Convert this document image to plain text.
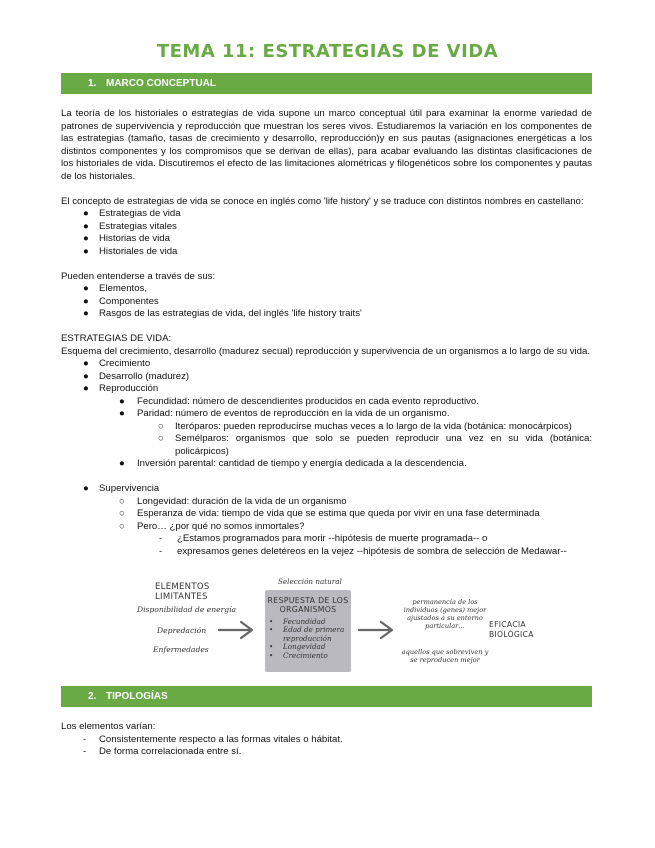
TEMA 11: ESTRATEGIAS DE VIDA
1. MARCO CONCEPTUAL

La teoría de los historiales o estrategias de vida supone un marco conceptual útil para examinar la enorme variedad de patrones de supervivencia y reproducción que muestran los seres vivos. Estudiaremos la variación en los componentes de las estrategias (tamaño, tasas de crecimiento y desarrollo, reproducción)y en sus pautas (asignaciones energéticas a los distintos componentes y los compromisos que se derivan de ellas), para acabar evaluando las distintas clasificaciones de los historiales de vida. Discutiremos el efecto de las limitaciones alométricas y filogenéticos sobre los componentes y pautas de los historiales.

El concepto de estrategias de vida se conoce en inglés como 'life history' y se traduce con distintos nombres en castellano:

● Estrategias de vida
● Estrategias vitales
● Historias de vida
● Historiales de vida

Pueden entenderse a través de sus:

● Elementos,
● Componentes
● Rasgos de las estrategias de vida, del inglés 'life history traits'

ESTRATEGIAS DE VIDA:

Esquema del crecimiento, desarrollo (madurez secual) reproducción y supervivencia de un organismos a lo largo de su vida.

● Crecimiento
● Desarrollo (madurez)
● Reproducción
● Fecundidad: número de descendientes producidos en cada evento reproductivo.
● Paridad: número de eventos de reproducción en la vida de un organismo.
○ Iteróparos: pueden reproducirse muchas veces a lo largo de la vida (botánica: monocárpicos)
○ Semélparos: organismos que solo se pueden reproducir una vez en su vida (botánica: policárpicos)
● Inversión parental: cantidad de tiempo y energía dedicada a la descendencia.
● Supervivencia
○ Longevidad: duración de la vida de un organismo
○ Esperanza de vida: tiempo de vida que se estima que queda por vivir en una fase determinada
○ Pero… ¿por qué no somos inmortales?
- ¿Estamos programados para morir --hipótesis de muerte programada-- o
- expresamos genes deletéreos en la vejez --hipótesis de sombra de selección de Medawar--
ELEMENTOS
LIMITANTES
Disponibilidad de energía
Depredación
Enfermedades
Selección natural
RESPUESTA DE LOS
ORGANISMOS
• Fecundidad
• Edad de primera reproducción
• Longevidad
• Crecimiento
permanencia de los
individuos (genes) mejor
ajustados a su entorno
particular…
aquellos que sobreviven y
se reproducen mejor
EFICACIA
BIOLÓGICA
2. TIPOLOGÍAS

Los elementos varían:

- Consistentemente respecto a las formas vitales o hábitat.
- De forma correlacionada entre sí.
